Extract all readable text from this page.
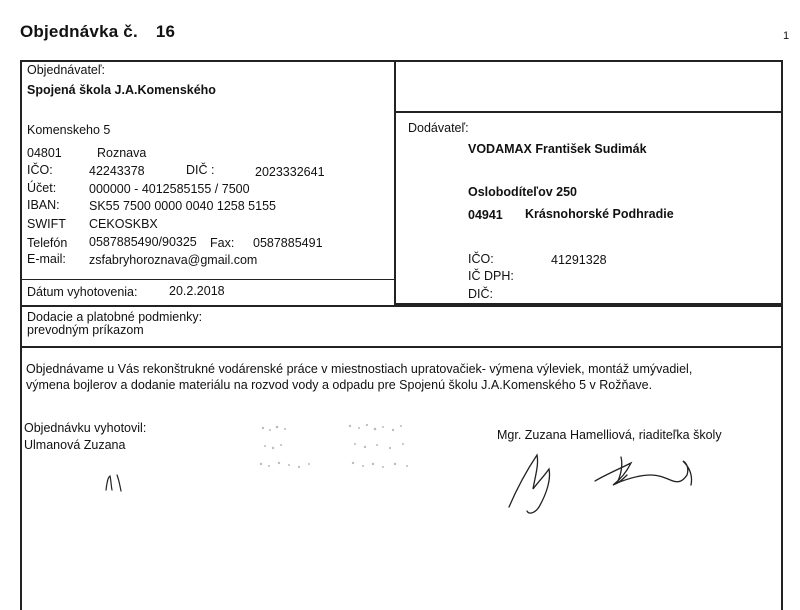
Objednávka č. 16	1
Objednávateľ:
Spojená škola J.A.Komenského
Komenskeho 5
04801	Roznava
IČO:	42243378	DIČ :	2023332641
Účet:	000000 - 4012585155 / 7500
IBAN: SK55 7500 0000 0040 1258 5155
SWIFT CEKOSKBX
Telefón 0587885490/90325 Fax: 0587885491
E-mail: zsfabryhoroznava@gmail.com
Dátum vyhotovenia:	20.2.2018
Dodávateľ:
VODAMAX František Sudimák
Oslobodíteľov 250
04941 Krásnohorské Podhradie
IČO:	41291328
IČ DPH:
DIČ:
Dodacie a platobné podmienky:
prevodným príkazom
Objednávame u Vás rekonštrukné vodárenské práce v miestnostiach upratovačiek- výmena výleviek, montáž umývadiel,
výmena bojlerov a dodanie materiálu na rozvod vody a odpadu pre Spojenú školu J.A.Komenského 5 v Rožňave.
Objednávku vyhotovil:
Ulmanová Zuzana
Mgr. Zuzana Hamelliová, riaditeľka školy
